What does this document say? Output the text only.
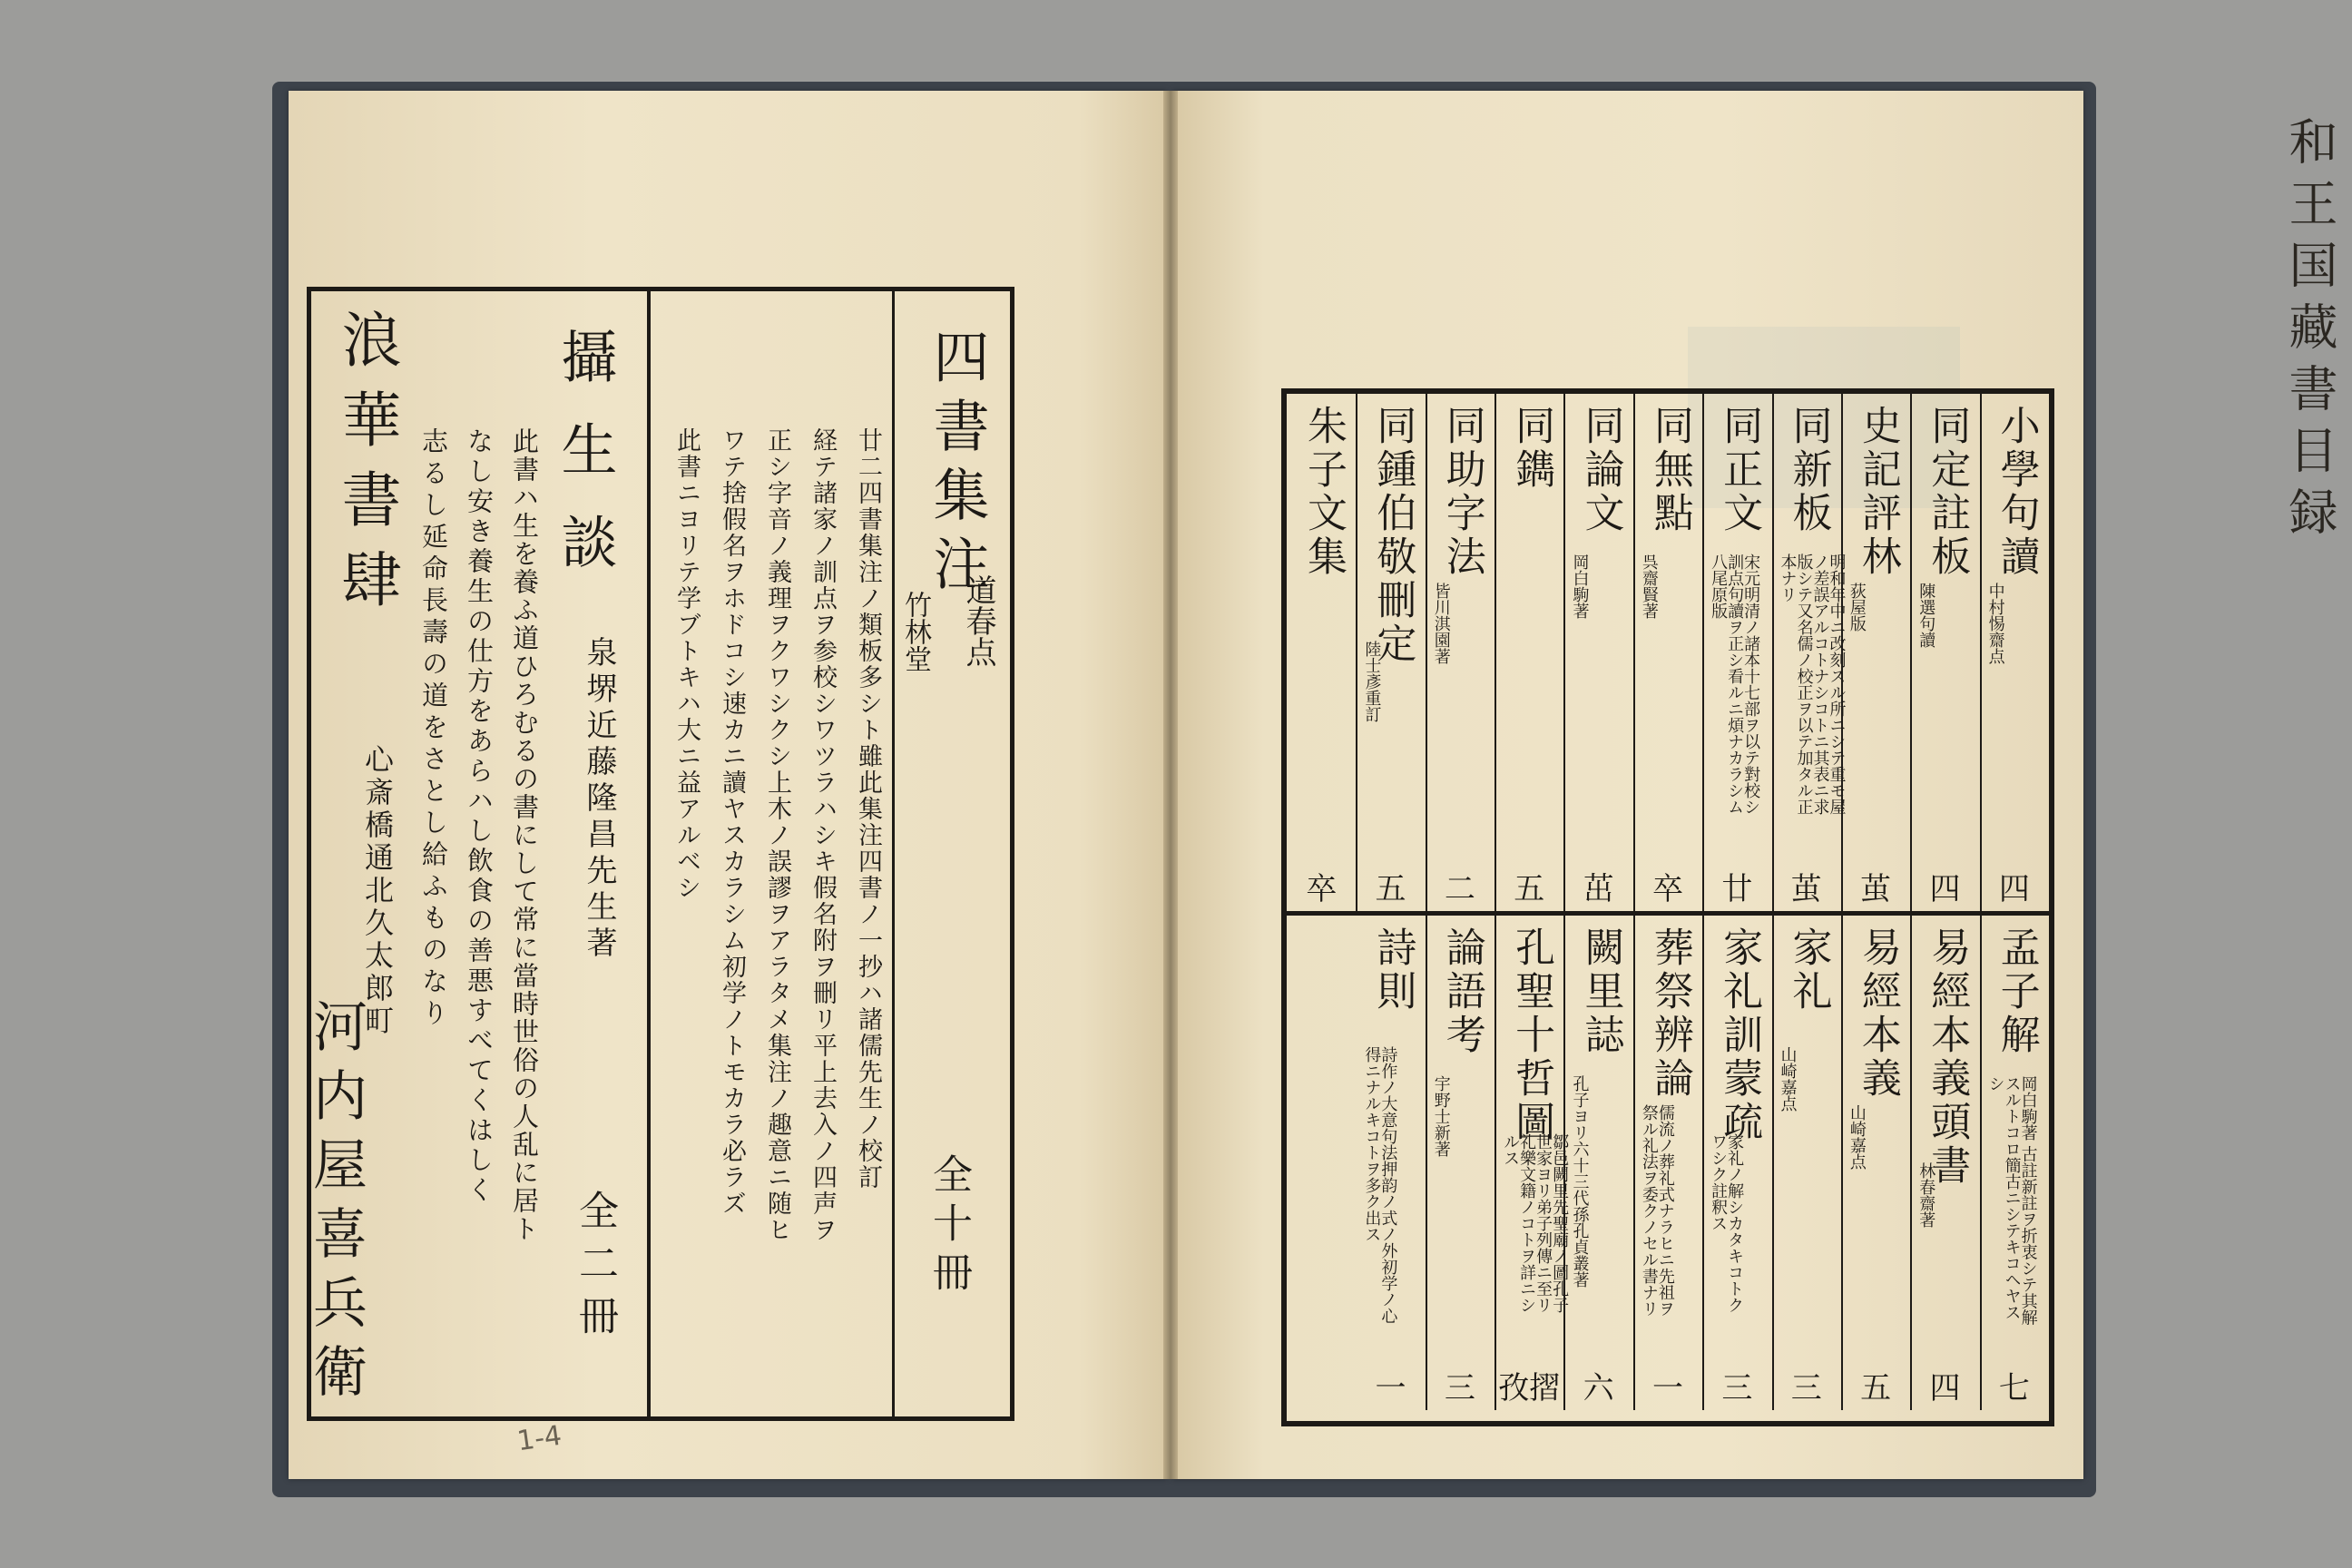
四書集注
道春点
竹林堂
廿二四書集注ノ類板多シト雖此集注四書ノ一抄ハ諸儒先生ノ校訂
経テ諸家ノ訓点ヲ参校シワツラハシキ假名附ヲ刪リ平上去入ノ四声ヲ
正シ字音ノ義理ヲクワシクシ上木ノ誤謬ヲアラタメ集注ノ趣意ニ随ヒ
ワテ捨假名ヲホドコシ速カニ讀ヤスカラシム初学ノトモカラ必ラズ
此書ニヨリテ学ブトキハ大ニ益アルベシ
全十冊
攝生談
泉堺近藤隆昌先生著
全二冊
此書ハ生を養ふ道ひろむるの書にして常に當時世俗の人乱に居ト
なし安き養生の仕方をあらハし飲食の善悪すべてくはしく
志るし延命長壽の道をさとし給ふものなり
浪華書肆
心斎橋通北久太郎町
河内屋喜兵衛
1-4
和王国藏書目録
小學句讀
中村惕齋点
四
同定註板
陳選句讀
四
史記評林
荻屋版
茧
同新板
明和年中ニ改刻スル所ニシテ重モ屋ノ差誤アルコトナシコトニ其表ニ求版シテ又名儒ノ校正ヲ以テ加タル正本ナリ
茧
同正文
宋元明清ノ諸本十七部ヲ以テ對校シ訓点句讀ヲ正シ看ルニ煩ナカラシム 八尾原版
廿
同無點
呉齋賢著
卒
同論文
岡白駒著
茁
同鐫
五
同助字法
皆川淇園著
二
同鍾伯敬刪定
陸士彥重訂
五
朱子文集
卒
孟子解
岡白駒著 古註新註ヲ折衷シテ其解スルトコロ簡古ニシテキコヘヤスシ
七
易經本義頭書
林春齋著
四
易經本義
山崎嘉点
五
家礼
山崎嘉点
三
家礼訓蒙疏
家礼ノ解シカタキコトクワシク註釈ス
三
葬祭辨論
儒流ノ葬礼式ナラヒニ先祖ヲ祭ル礼法ヲ委クノセル書ナリ
一
闕里誌
孔子ヨリ六十三代孫孔貞叢著
六
孔聖十哲圖
鄒邑闕里先聖廟ノ圖孔子世家ヨリ弟子列傳ニ至リ礼樂文籍ノコトヲ詳ニシルス
孜摺
論語考
宇野士新著
三
詩則
詩作ノ大意句法押韵ノ式ノ外初学ノ心得ニナルキコトヲ多ク出ス
一
